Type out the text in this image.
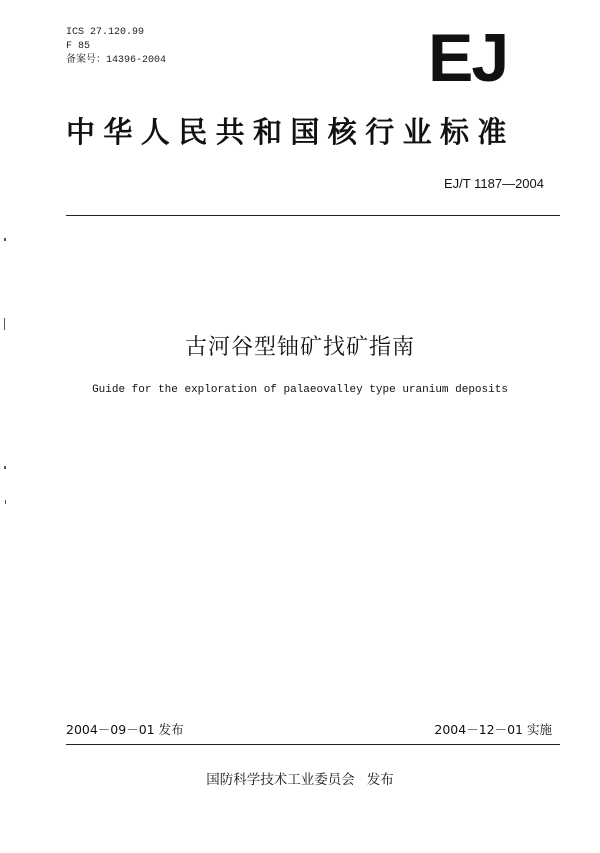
ICS 27.120.99
F 85
备案号：14396-2004	EJ
中华人民共和国核行业标准
EJ/T 1187—2004
古河谷型铀矿找矿指南
Guide for the exploration of palaeovalley type uranium deposits
2004－09－01 发布	2004－12－01 实施
国防科学技术工业委员会 发布
